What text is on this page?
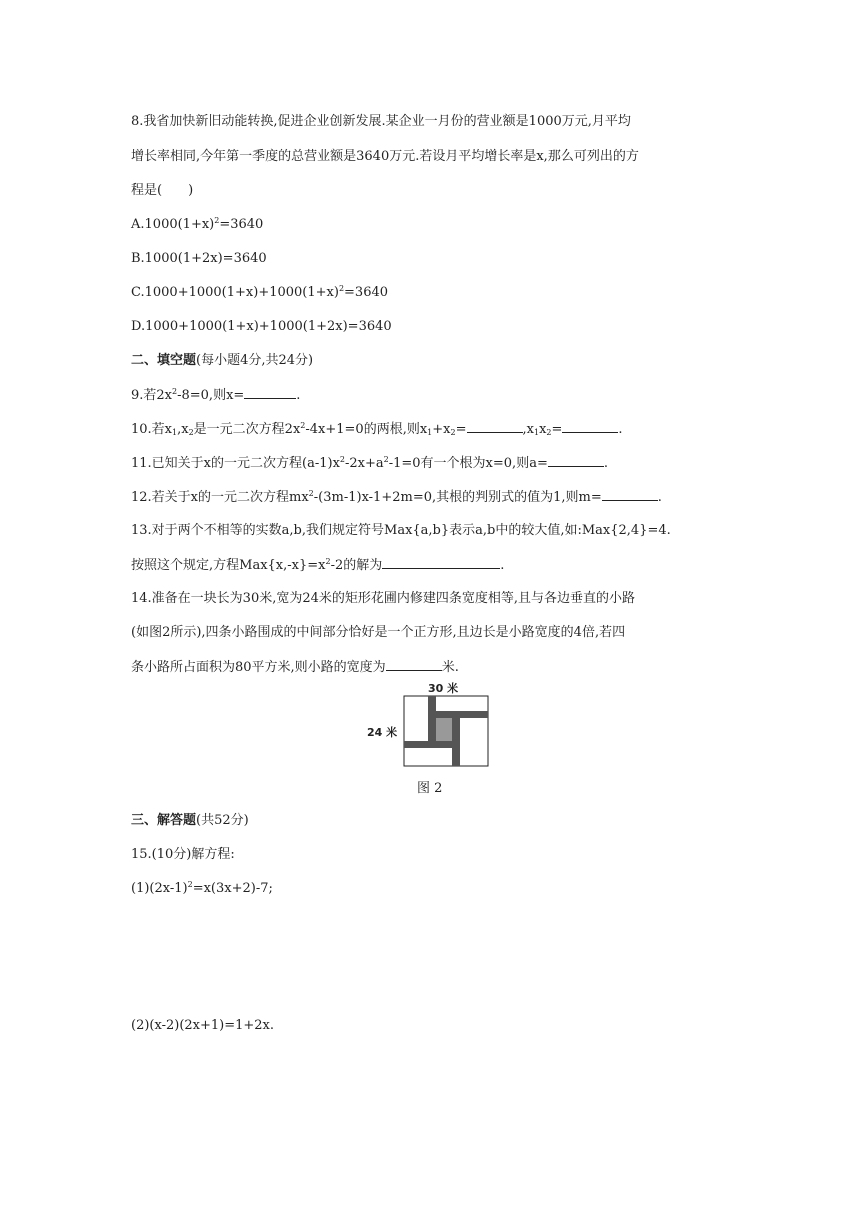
8.我省加快新旧动能转换,促进企业创新发展.某企业一月份的营业额是1000万元,月平均
增长率相同,今年第一季度的总营业额是3640万元.若设月平均增长率是x,那么可列出的方
程是(　　)
$A.1000(1+x)^2=3640$
B.1000(1+2x)=3640
$C.1000+1000(1+x)+1000(1+x)^2=3640$
D.1000+1000(1+x)+1000(1+2x)=3640
二、填空题(每小题4分,共24分)
9.若$2x^2-8=0$,则x=	.
10.若$x_1,x_2$是一元二次方程$2x^2-4x+1=0$的两根,则$x_1+x_2=$	$,x_1x_2=$	.
11.已知关于x的一元二次方程$(a-1)x^2-2x+a^2-1=0$有一个根为x=0,则a=	.
12.若关于x的一元二次方程$mx^2-(3m-1)x-1+2m=0$,其根的判别式的值为1,则m=	.
13.对于两个不相等的实数a,b,我们规定符号Max{a,b}表示a,b中的较大值,如:Max{2,4}=4.
按照这个规定,方程$Max\{x,-x\}=x^2-2$的解为	.
14.准备在一块长为30米,宽为24米的矩形花圃内修建四条宽度相等,且与各边垂直的小路
(如图2所示),四条小路围成的中间部分恰好是一个正方形,且边长是小路宽度的4倍,若四
条小路所占面积为80平方米,则小路的宽度为	米.
30 米
24 米
图 2
三、解答题(共52分)
15.(10分)解方程:
$(1)(2x-1)^2=x(3x+2)-7$;
(2)(x-2)(2x+1)=1+2x.
